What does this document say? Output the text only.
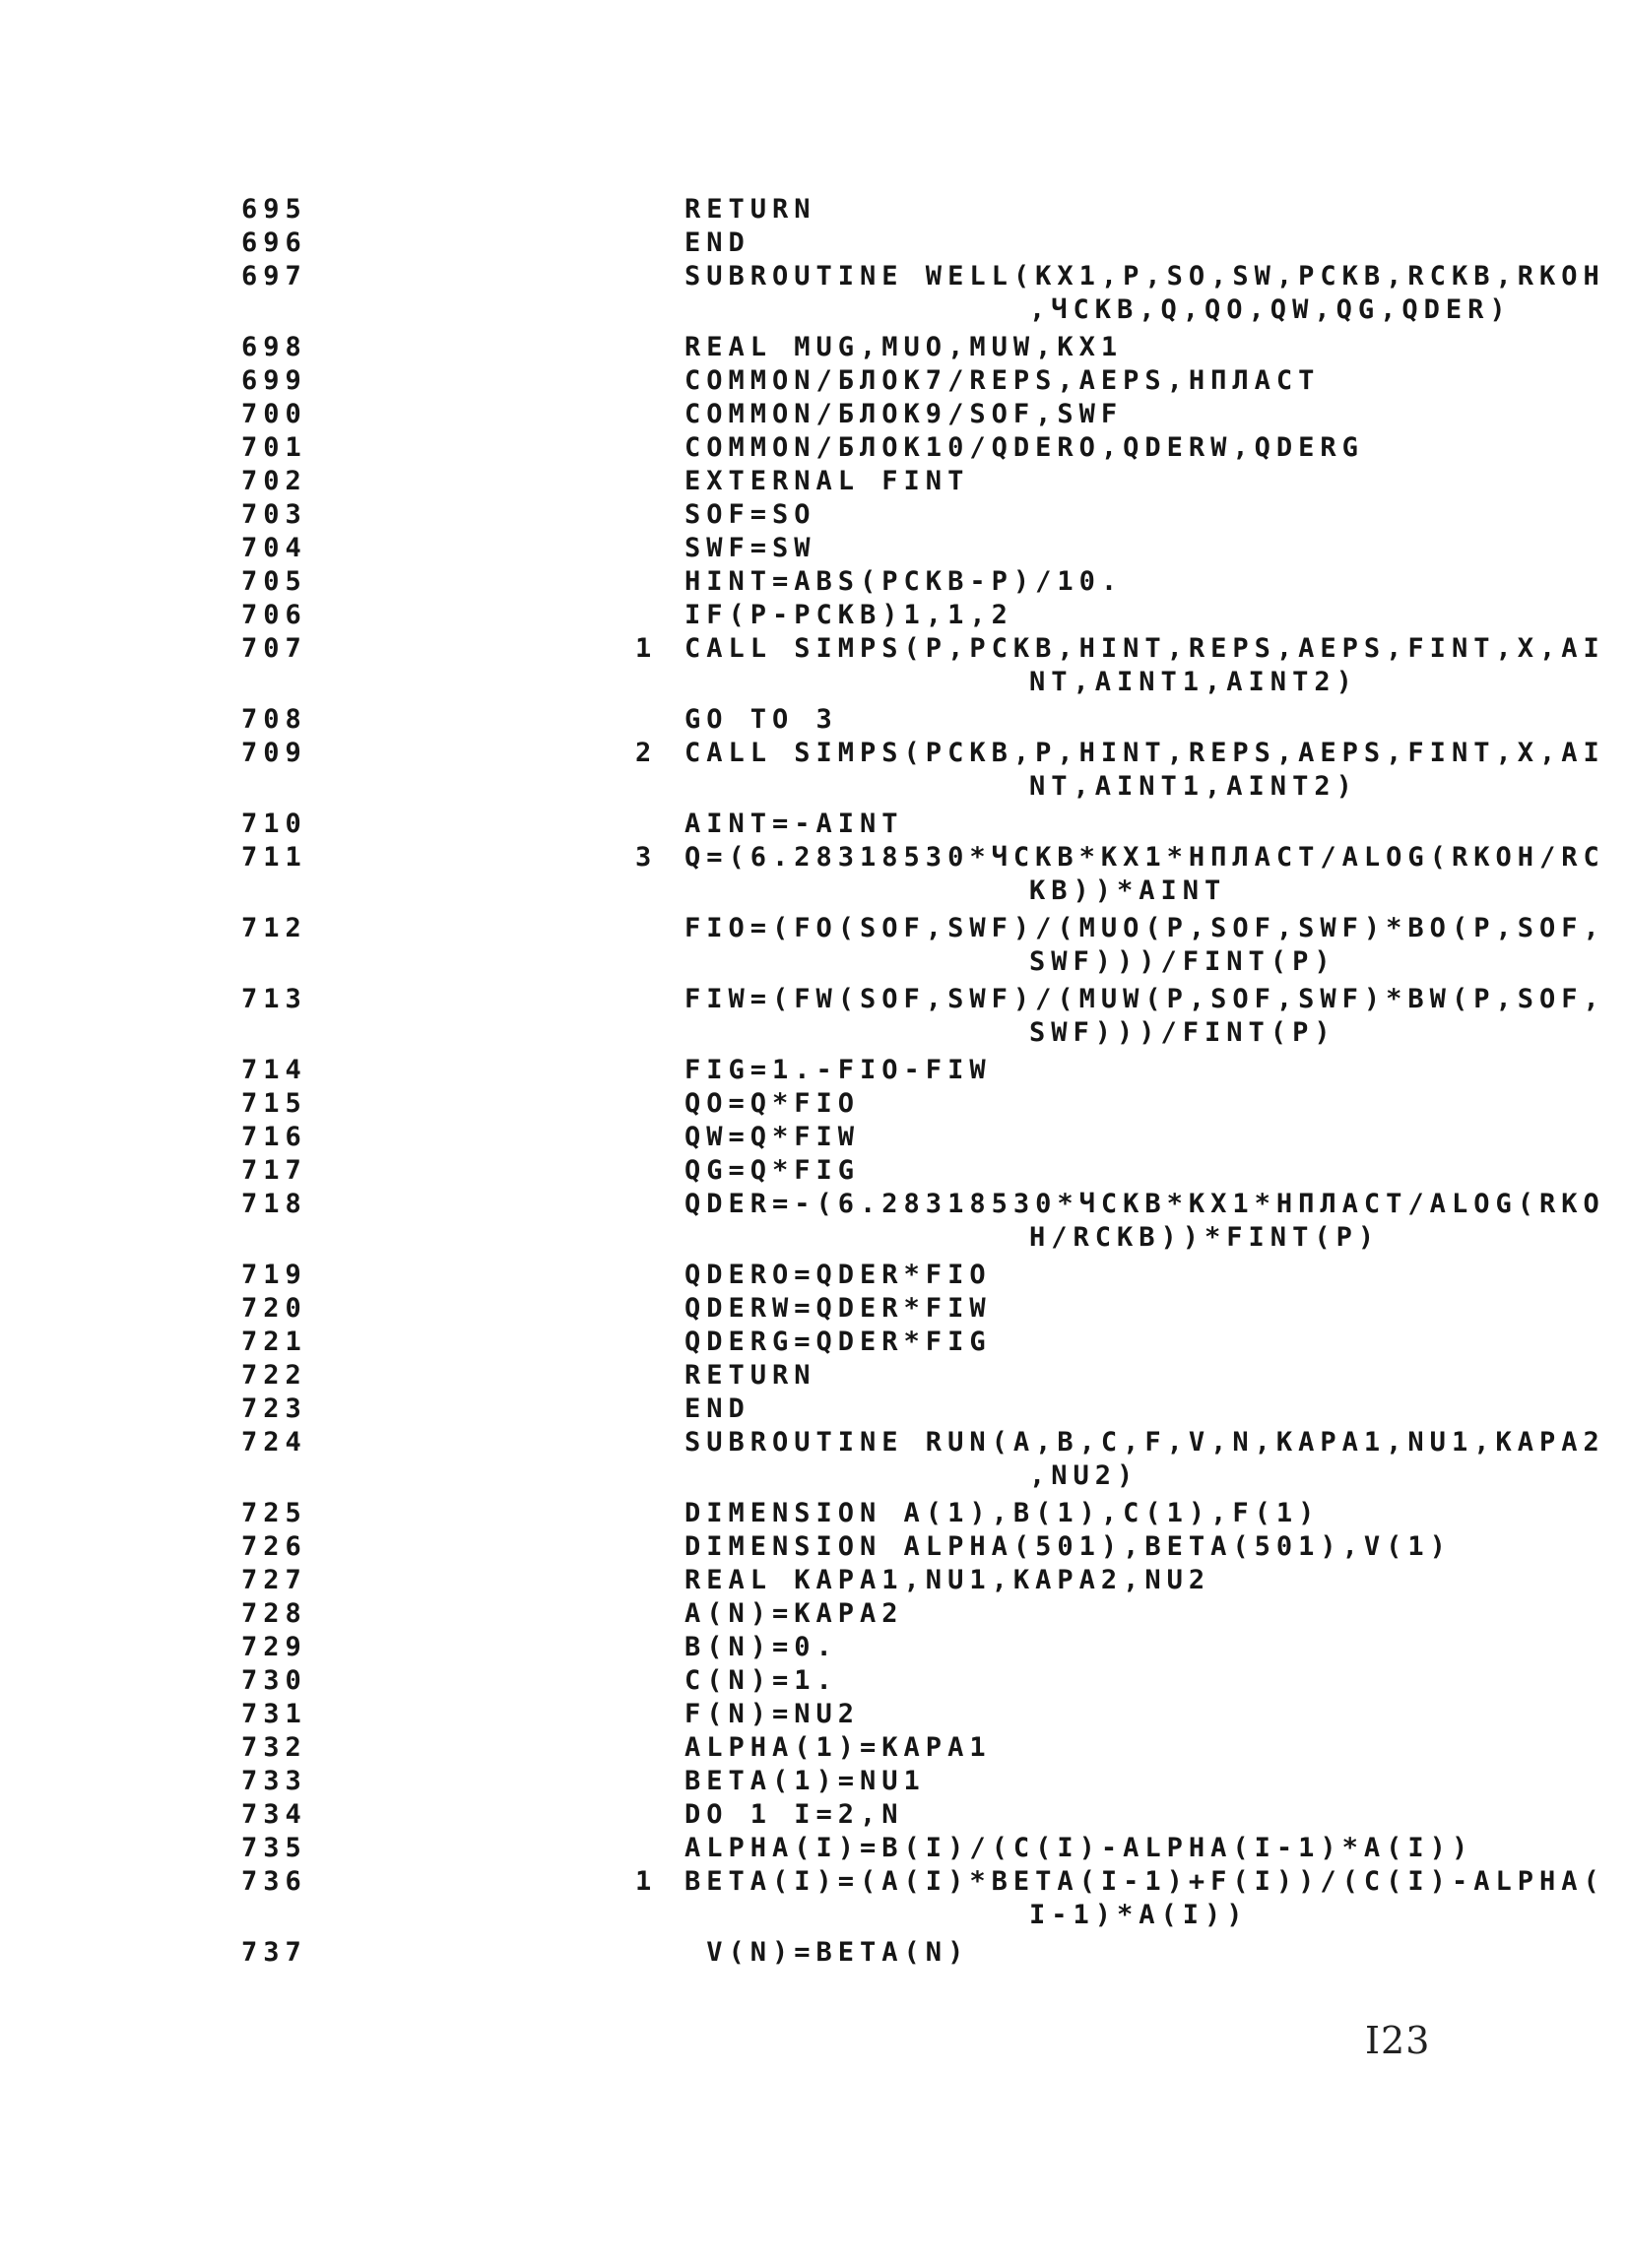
695	RETURN
696	END
697	SUBROUTINE WELL(KX1,P,SO,SW,PCKB,RCKB,RKOH
,ЧCKB,Q,QO,QW,QG,QDER)
698	REAL MUG,MUO,MUW,KX1
699	COMMON/БЛOK7/REPS,AEPS,HПЛACT
700	COMMON/БЛOK9/SOF,SWF
701	COMMON/БЛOK10/QDERO,QDERW,QDERG
702	EXTERNAL FINT
703	SOF=SO
704	SWF=SW
705	HINT=ABS(PCKB-P)/10.
706	IF(P-PCKB)1,1,2
707	1	CALL SIMPS(P,PCKB,HINT,REPS,AEPS,FINT,X,AI
NT,AINT1,AINT2)
708	GO TO 3
709	2	CALL SIMPS(PCKB,P,HINT,REPS,AEPS,FINT,X,AI
NT,AINT1,AINT2)
710	AINT=-AINT
711	3	Q=(6.28318530*ЧCKB*KX1*HПЛACT/ALOG(RKOH/RC
KB))*AINT
712	FIO=(FO(SOF,SWF)/(MUO(P,SOF,SWF)*BO(P,SOF,
SWF)))/FINT(P)
713	FIW=(FW(SOF,SWF)/(MUW(P,SOF,SWF)*BW(P,SOF,
SWF)))/FINT(P)
714	FIG=1.-FIO-FIW
715	QO=Q*FIO
716	QW=Q*FIW
717	QG=Q*FIG
718	QDER=-(6.28318530*ЧCKB*KX1*HПЛACT/ALOG(RKO
H/RCKB))*FINT(P)
719	QDERO=QDER*FIO
720	QDERW=QDER*FIW
721	QDERG=QDER*FIG
722	RETURN
723	END
724	SUBROUTINE RUN(A,B,C,F,V,N,KAPA1,NU1,KAPA2
,NU2)
725	DIMENSION A(1),B(1),C(1),F(1)
726	DIMENSION ALPHA(501),BETA(501),V(1)
727	REAL KAPA1,NU1,KAPA2,NU2
728	A(N)=KAPA2
729	B(N)=0.
730	C(N)=1.
731	F(N)=NU2
732	ALPHA(1)=KAPA1
733	BETA(1)=NU1
734	DO 1 I=2,N
735	ALPHA(I)=B(I)/(C(I)-ALPHA(I-1)*A(I))
736	1	BETA(I)=(A(I)*BETA(I-1)+F(I))/(C(I)-ALPHA(
I-1)*A(I))
737	V(N)=BETA(N)
I23
